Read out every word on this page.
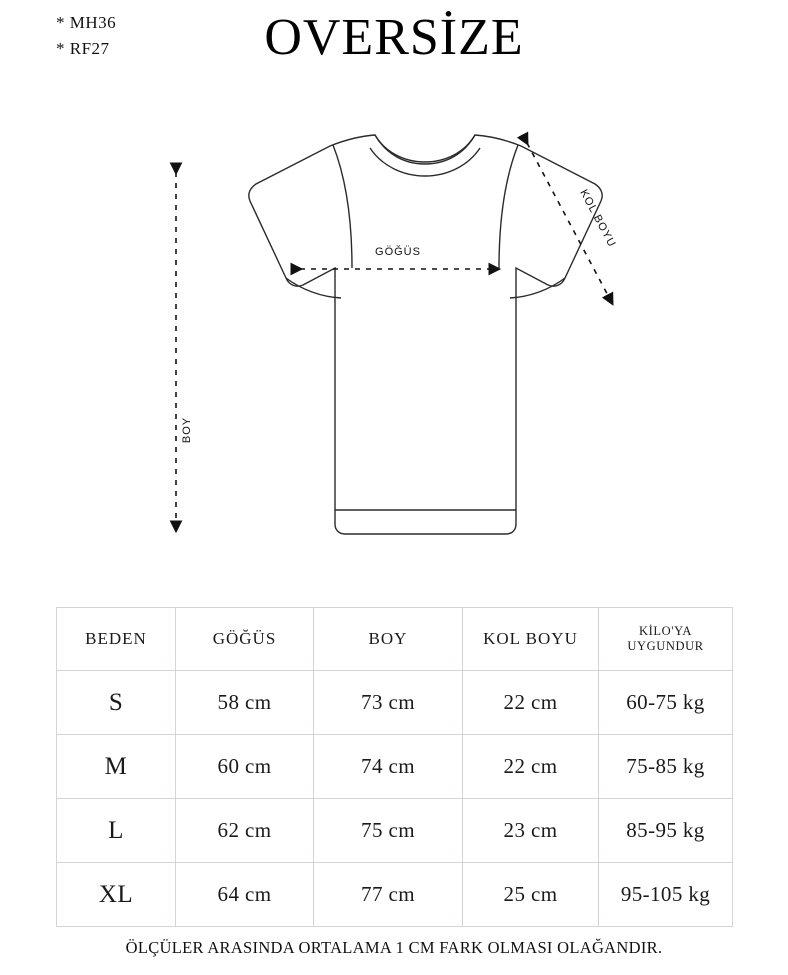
* MH36
* RF27	OVERSİZE
GÖĞÜS
BOY
KOL BOYU
BEDEN	GÖĞÜS	BOY	KOL BOYU	KİLO'YA
UYGUNDUR

S	58 cm	73 cm	22 cm	60-75 kg
M	60 cm	74 cm	22 cm	75-85 kg
L	62 cm	75 cm	23 cm	85-95 kg
XL	64 cm	77 cm	25 cm	95-105 kg
ÖLÇÜLER ARASINDA ORTALAMA 1 CM FARK OLMASI OLAĞANDIR.
